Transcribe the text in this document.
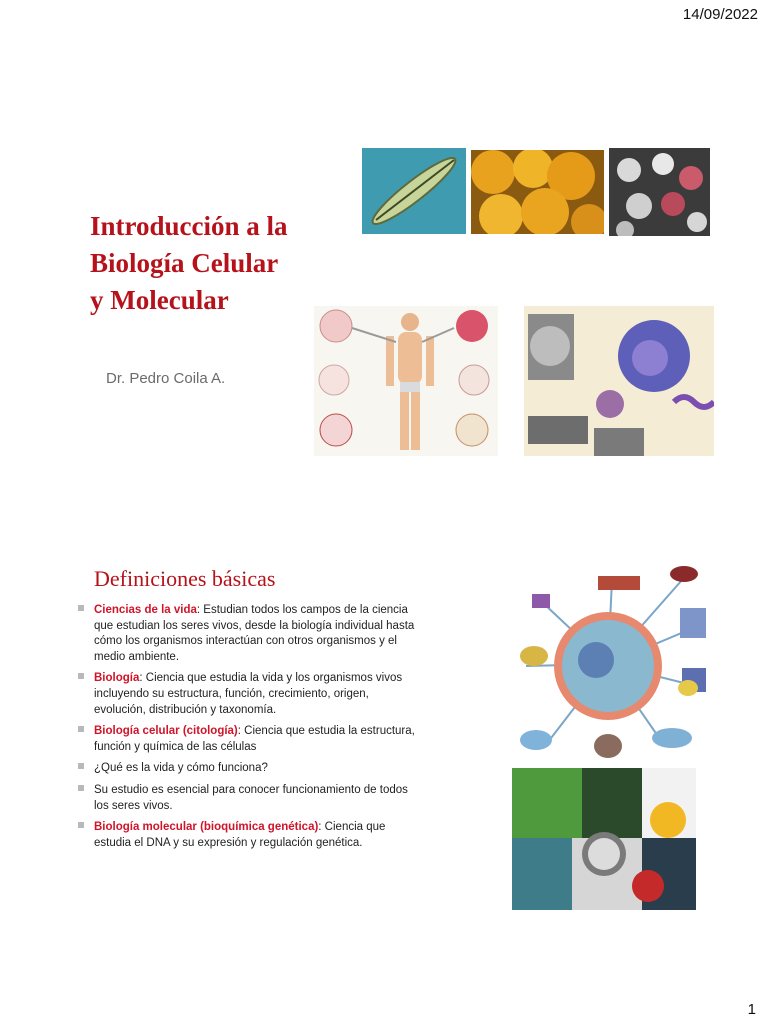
14/09/2022
Introducción a la
Biología Celular
y Molecular
Dr. Pedro Coila A.
Definiciones básicas
Ciencias de la vida: Estudian todos los campos de la ciencia que estudian los seres vivos, desde la biología individual hasta cómo los organismos interactúan con otros organismos y el medio ambiente.
Biología: Ciencia que estudia la vida y los organismos vivos incluyendo su estructura, función, crecimiento, origen, evolución, distribución y taxonomía.
Biología celular (citología): Ciencia que estudia la estructura, función y química de las células
¿Qué es la vida y cómo funciona?
Su estudio es esencial para conocer funcionamiento de todos los seres vivos.
Biología molecular (bioquímica genética): Ciencia que estudia el DNA y su expresión y regulación genética.
1
